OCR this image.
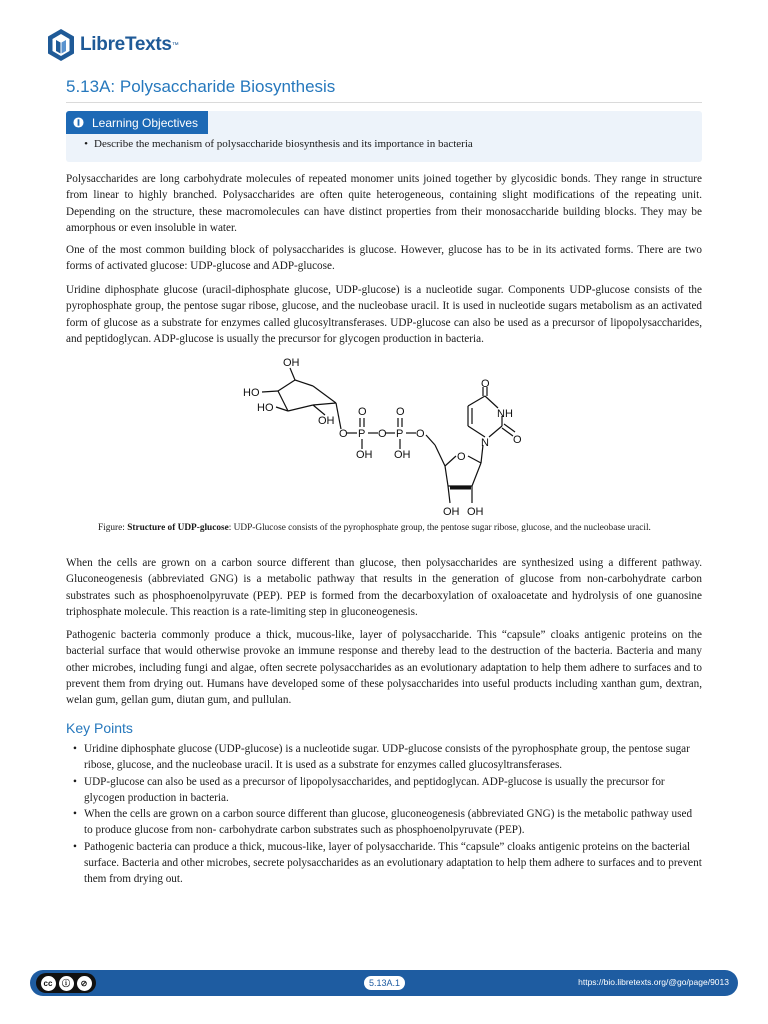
LibreTexts ™
5.13A: Polysaccharide Biosynthesis
Learning Objectives
• Describe the mechanism of polysaccharide biosynthesis and its importance in bacteria

Polysaccharides are long carbohydrate molecules of repeated monomer units joined together by glycosidic bonds. They range in structure from linear to highly branched. Polysaccharides are often quite heterogeneous, containing slight modifications of the repeating unit. Depending on the structure, these macromolecules can have distinct properties from their monosaccharide building blocks. They may be amorphous or even insoluble in water.

One of the most common building block of polysaccharides is glucose. However, glucose has to be in its activated forms. There are two forms of activated glucose: UDP-glucose and ADP-glucose.

Uridine diphosphate glucose (uracil-diphosphate glucose, UDP-glucose) is a nucleotide sugar. Components UDP-glucose consists of the pyrophosphate group, the pentose sugar ribose, glucose, and the nucleobase uracil. It is used in nucleotide sugars metabolism as an activated form of glucose as a substrate for enzymes called glucosyltransferases. UDP-glucose can also be used as a precursor of lipopolysaccharides, and peptidoglycan. ADP-glucose is usually the precursor for glycogen production in bacteria.

OH
HO
HO
OH
O
O
P O
O
P O
OH OH
O
NH
N O
O
OH OH

Figure: Structure of UDP-glucose: UDP-Glucose consists of the pyrophosphate group, the pentose sugar ribose, glucose, and the nucleobase uracil.

When the cells are grown on a carbon source different than glucose, then polysaccharides are synthesized using a different pathway. Gluconeogenesis (abbreviated GNG) is a metabolic pathway that results in the generation of glucose from non-carbohydrate carbon substrates such as phosphoenolpyruvate (PEP). PEP is formed from the decarboxylation of oxaloacetate and hydrolysis of one guanosine triphosphate molecule. This reaction is a rate-limiting step in gluconeogenesis.

Pathogenic bacteria commonly produce a thick, mucous-like, layer of polysaccharide. This “capsule” cloaks antigenic proteins on the bacterial surface that would otherwise provoke an immune response and thereby lead to the destruction of the bacteria. Bacteria and many other microbes, including fungi and algae, often secrete polysaccharides as an evolutionary adaptation to help them adhere to surfaces and to prevent them from drying out. Humans have developed some of these polysaccharides into useful products including xanthan gum, dextran, welan gum, gellan gum, diutan gum, and pullulan.

Key Points
• Uridine diphosphate glucose (UDP-glucose) is a nucleotide sugar. UDP-glucose consists of the pyrophosphate group, the pentose sugar ribose, glucose, and the nucleobase uracil. It is used as a substrate for enzymes called glucosyltransferases.
• UDP-glucose can also be used as a precursor of lipopolysaccharides, and peptidoglycan. ADP-glucose is usually the precursor for glycogen production in bacteria.
• When the cells are grown on a carbon source different than glucose, gluconeogenesis (abbreviated GNG) is the metabolic pathway used to produce glucose from non- carbohydrate carbon substrates such as phosphoenolpyruvate (PEP).
• Pathogenic bacteria can produce a thick, mucous-like, layer of polysaccharide. This “capsule” cloaks antigenic proteins on the bacterial surface. Bacteria and other microbes, secrete polysaccharides as an evolutionary adaptation to help them adhere to surfaces and to prevent them from drying out.
cc	ⓘ	⊘	5.13A.1	https://bio.libretexts.org/@go/page/9013
